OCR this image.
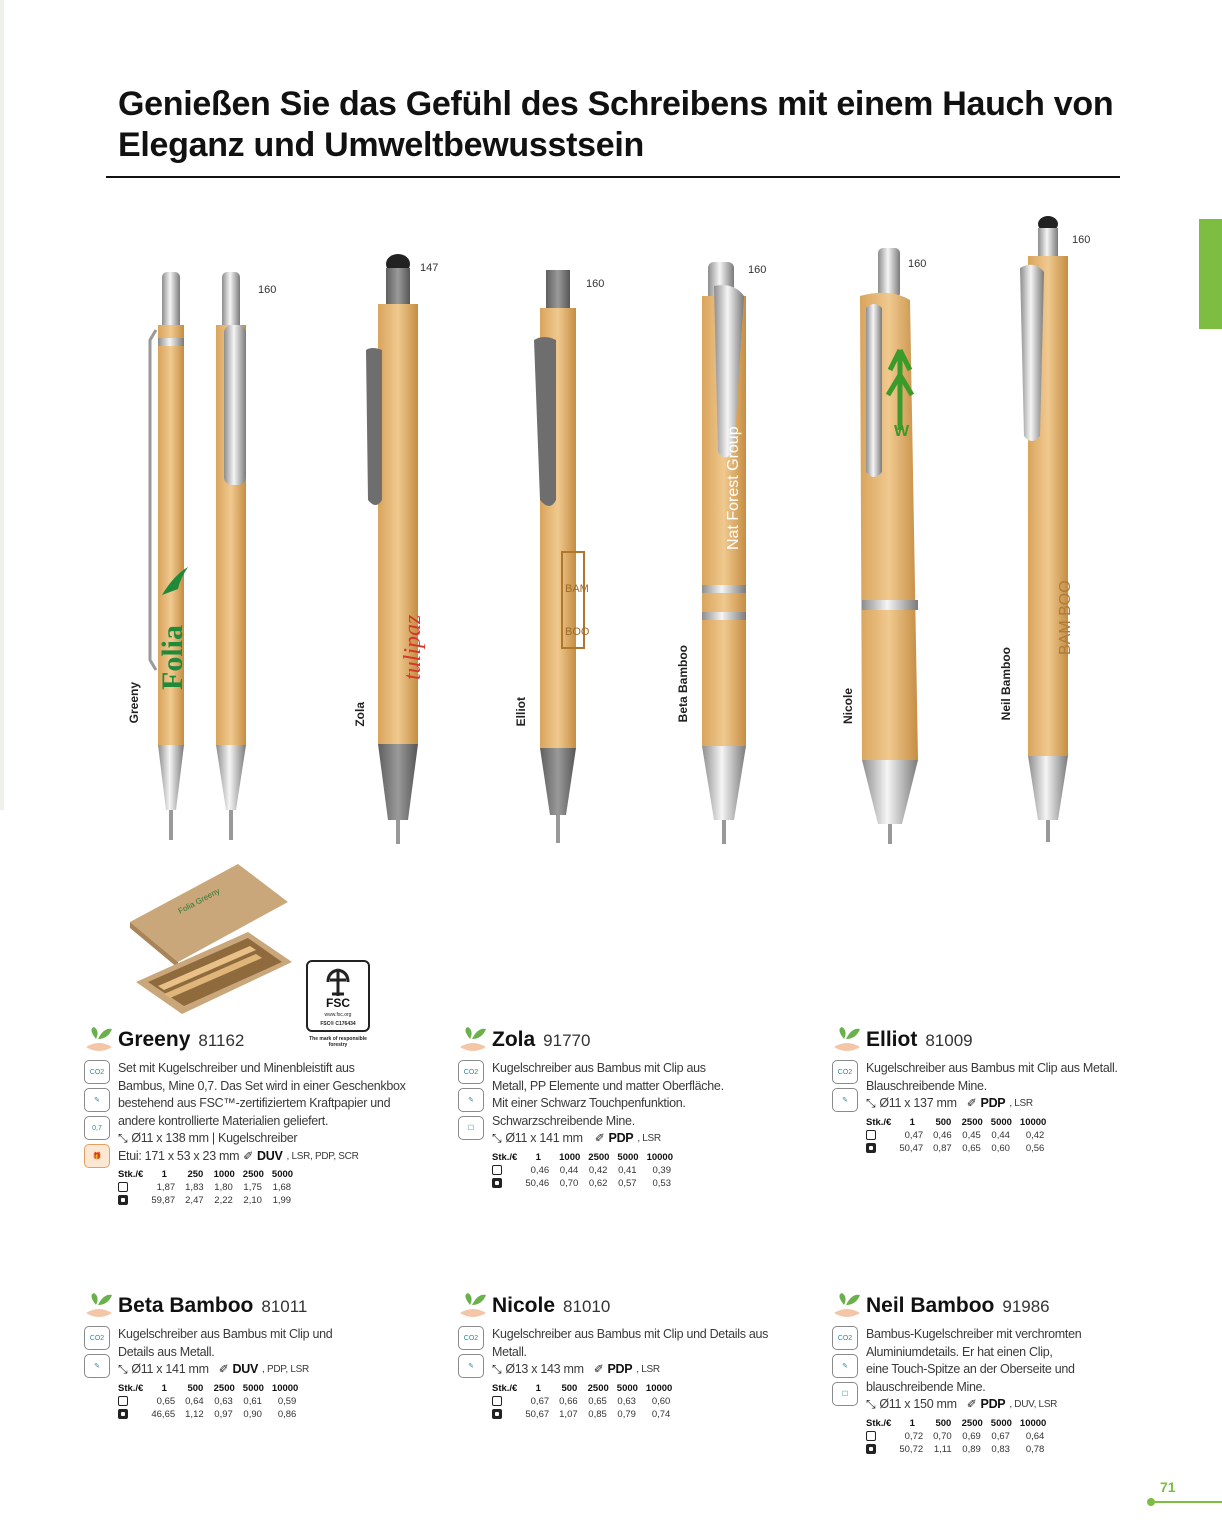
Genießen Sie das Gefühl des Schreibens mit einem Hauch von
Eleganz und Umweltbewusstsein
Folia	tulipaz
BAM
BOO
Nat Forest Group	W
BAM BOO
Greeny
160
Zola
147
Elliot
160
Beta Bamboo
160
Nicole
160
Neil Bamboo
160
Folia Greeny
FSC
www.fsc.org
FSC® C176434
The mark of responsible forestry
Greeny 81162
CO2
✎
0,7
🎁
Set mit Kugelschreiber und Minenbleistift aus
Bambus, Mine 0,7. Das Set wird in einer Geschenkbox
bestehend aus FSC™-zertifiziertem Kraftpapier und
andere kontrollierte Materialien geliefert.
⤡ Ø11 x 138 mm | Kugelschreiber
Etui: 171 x 53 x 23 mm ✐ DUV , LSR, PDP, SCR
Stk./€	1	250	1000	2500	5000
	1,87	1,83	1,80	1,75	1,68
	59,87	2,47	2,22	2,10	1,99
Zola 91770
CO2
✎
☐
Kugelschreiber aus Bambus mit Clip aus
Metall, PP Elemente und matter Oberfläche.
Mit einer Schwarz Touchpenfunktion.
Schwarzschreibende Mine.
⤡ Ø11 x 141 mm ✐ PDP , LSR
Stk./€	1	1000	2500	5000	10000
	0,46	0,44	0,42	0,41	0,39
	50,46	0,70	0,62	0,57	0,53
Elliot 81009
CO2
✎
Kugelschreiber aus Bambus mit Clip aus Metall.
Blauschreibende Mine.
⤡ Ø11 x 137 mm ✐ PDP , LSR
Stk./€	1	500	2500	5000	10000
	0,47	0,46	0,45	0,44	0,42
	50,47	0,87	0,65	0,60	0,56
Beta Bamboo 81011
CO2
✎
Kugelschreiber aus Bambus mit Clip und
Details aus Metall.
⤡ Ø11 x 141 mm ✐ DUV , PDP, LSR
Stk./€	1	500	2500	5000	10000
	0,65	0,64	0,63	0,61	0,59
	46,65	1,12	0,97	0,90	0,86
Nicole 81010
CO2
✎
Kugelschreiber aus Bambus mit Clip und Details aus
Metall.
⤡ Ø13 x 143 mm ✐ PDP , LSR
Stk./€	1	500	2500	5000	10000
	0,67	0,66	0,65	0,63	0,60
	50,67	1,07	0,85	0,79	0,74
Neil Bamboo 91986
CO2
✎
☐
Bambus-Kugelschreiber mit verchromten
Aluminiumdetails. Er hat einen Clip,
eine Touch-Spitze an der Oberseite und
blauschreibende Mine.
⤡ Ø11 x 150 mm ✐ PDP , DUV, LSR
Stk./€	1	500	2500	5000	10000
	0,72	0,70	0,69	0,67	0,64
	50,72	1,11	0,89	0,83	0,78
71
